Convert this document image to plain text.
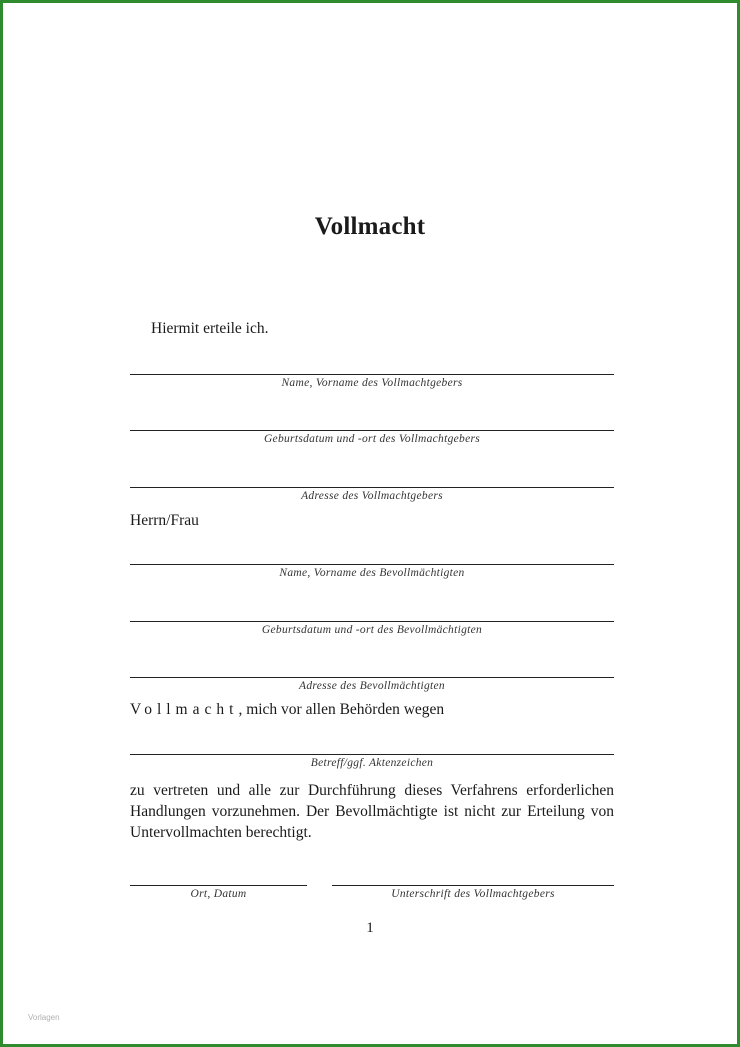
Vollmacht
Hiermit erteile ich.
Name, Vorname des Vollmachtgebers
Geburtsdatum und -ort des Vollmachtgebers
Adresse des Vollmachtgebers
Herrn/Frau
Name, Vorname des Bevollmächtigten
Geburtsdatum und -ort des Bevollmächtigten
Adresse des Bevollmächtigten
Vollmacht, mich vor allen Behörden wegen
Betreff/ggf. Aktenzeichen
zu vertreten und alle zur Durchführung dieses Verfahrens erforderlichen Handlungen vorzunehmen. Der Bevollmächtigte ist nicht zur Erteilung von Untervollmachten berechtigt.
Ort, Datum	Unterschrift des Vollmachtgebers
1
Vorlagen
